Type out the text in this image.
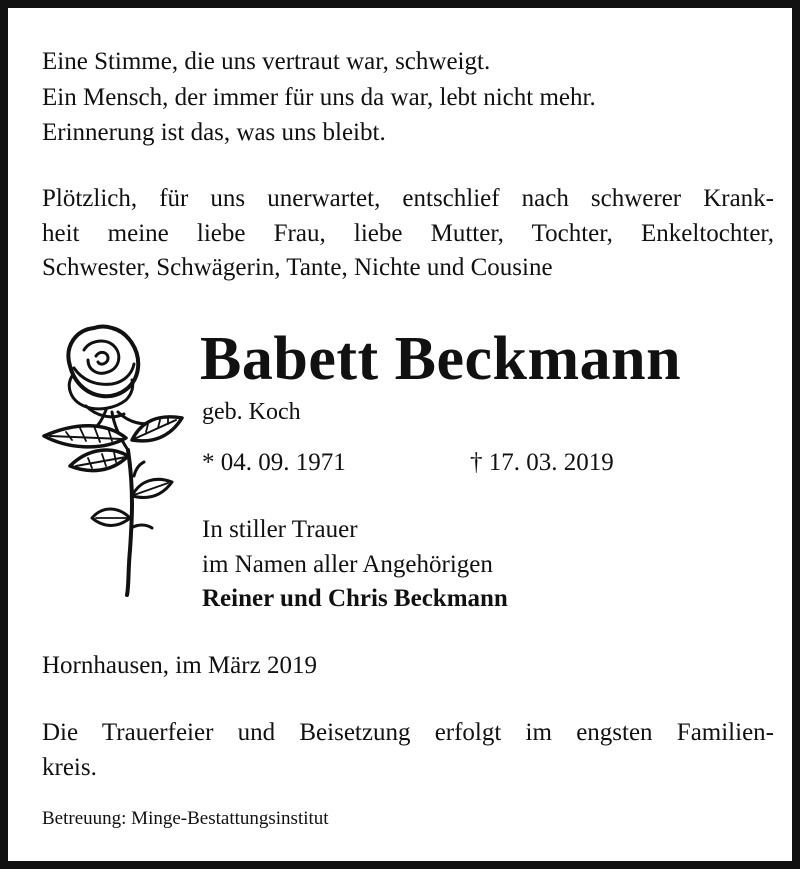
Eine Stimme, die uns vertraut war, schweigt.
Ein Mensch, der immer für uns da war, lebt nicht mehr.
Erinnerung ist das, was uns bleibt.
Plötzlich, für uns unerwartet, entschlief nach schwerer Krank-
heit meine liebe Frau, liebe Mutter, Tochter, Enkeltochter,
Schwester, Schwägerin, Tante, Nichte und Cousine
Babett Beckmann
geb. Koch
* 04. 09. 1971	† 17. 03. 2019
In stiller Trauer
im Namen aller Angehörigen
Reiner und Chris Beckmann
Hornhausen, im März 2019
Die Trauerfeier und Beisetzung erfolgt im engsten Familien-
kreis.
Betreuung: Minge-Bestattungsinstitut
